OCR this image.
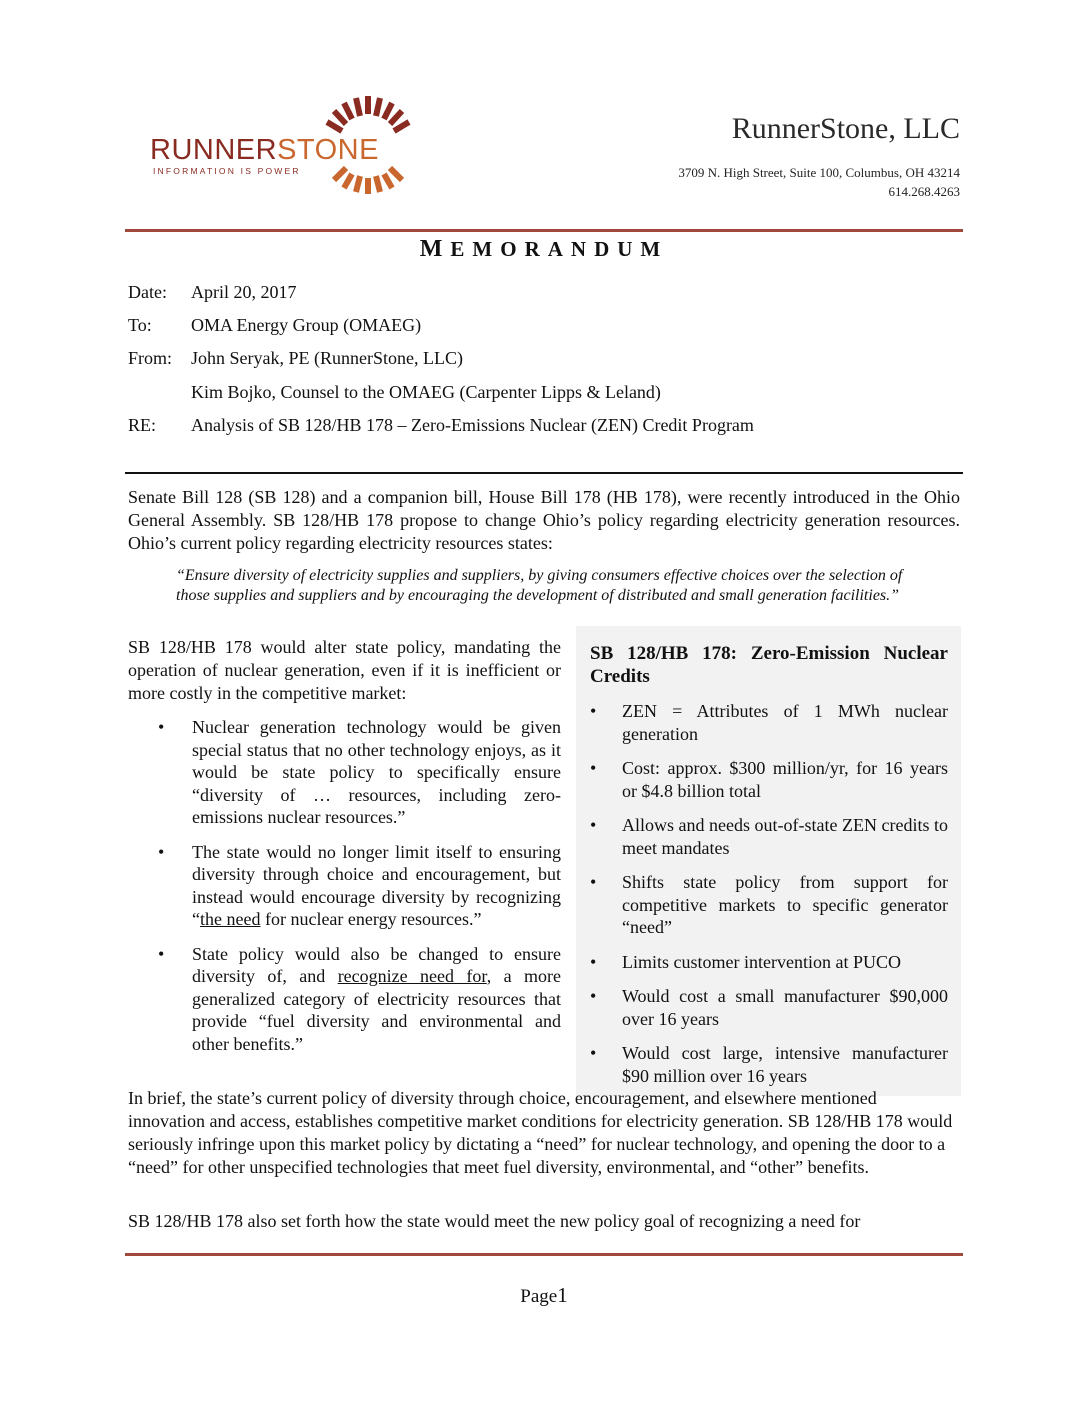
RUNNERSTONE
INFORMATION IS POWER
RunnerStone, LLC
3709 N. High Street, Suite 100, Columbus, OH 43214
614.268.4263
MEMORANDUM
Date: April 20, 2017
To: OMA Energy Group (OMAEG)
From: John Seryak, PE (RunnerStone, LLC)
Kim Bojko, Counsel to the OMAEG (Carpenter Lipps & Leland)
RE: Analysis of SB 128/HB 178 – Zero-Emissions Nuclear (ZEN) Credit Program
Senate Bill 128 (SB 128) and a companion bill, House Bill 178 (HB 178), were recently introduced in the Ohio General Assembly. SB 128/HB 178 propose to change Ohio’s policy regarding electricity generation resources. Ohio’s current policy regarding electricity resources states:
“Ensure diversity of electricity supplies and suppliers, by giving consumers effective choices over the selection of those supplies and suppliers and by encouraging the development of distributed and small generation facilities.”
SB 128/HB 178 would alter state policy, mandating the operation of nuclear generation, even if it is inefficient or more costly in the competitive market:
• Nuclear generation technology would be given special status that no other technology enjoys, as it would be state policy to specifically ensure “diversity of … resources, including zero-emissions nuclear resources.”
• The state would no longer limit itself to ensuring diversity through choice and encouragement, but instead would encourage diversity by recognizing “the need for nuclear energy resources.”
• State policy would also be changed to ensure diversity of, and recognize need for, a more generalized category of electricity resources that provide “fuel diversity and environmental and other benefits.”
SB 128/HB 178: Zero-Emission Nuclear Credits
• ZEN = Attributes of 1 MWh nuclear generation
• Cost: approx. $300 million/yr, for 16 years or $4.8 billion total
• Allows and needs out-of-state ZEN credits to meet mandates
• Shifts state policy from support for competitive markets to specific generator “need”
• Limits customer intervention at PUCO
• Would cost a small manufacturer $90,000 over 16 years
• Would cost large, intensive manufacturer $90 million over 16 years
In brief, the state’s current policy of diversity through choice, encouragement, and elsewhere mentioned innovation and access, establishes competitive market conditions for electricity generation. SB 128/HB 178 would seriously infringe upon this market policy by dictating a “need” for nuclear technology, and opening the door to a “need” for other unspecified technologies that meet fuel diversity, environmental, and “other” benefits.
SB 128/HB 178 also set forth how the state would meet the new policy goal of recognizing a need for
Page1
